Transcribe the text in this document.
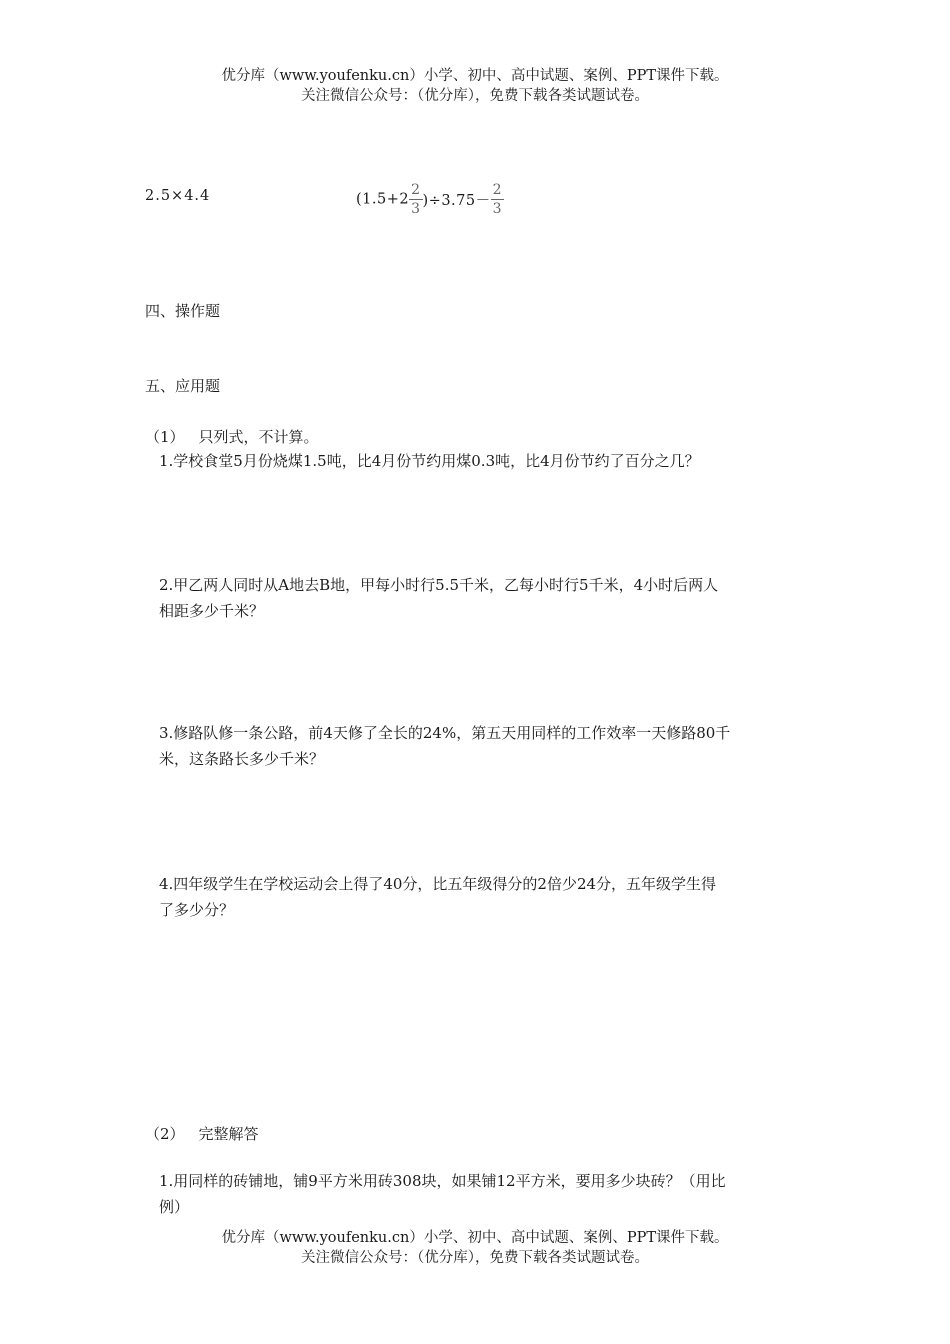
优分库（www.youfenku.cn）小学、初中、高中试题、案例、PPT课件下载。
关注微信公众号：（优分库），免费下载各类试题试卷。
2.5×4.4	$(1.5+2 \frac{2}{3} )\div 3.75- \frac{2}{3}$
四、操作题
五、应用题
（1） 只列式，不计算。
1.学校食堂5月份烧煤1.5吨，比4月份节约用煤0.3吨，比4月份节约了百分之几？
2.甲乙两人同时从A地去B地，甲每小时行5.5千米，乙每小时行5千米，4小时后两人
相距多少千米？
3.修路队修一条公路，前4天修了全长的24%，第五天用同样的工作效率一天修路80千
米，这条路长多少千米？
4.四年级学生在学校运动会上得了40分，比五年级得分的2倍少24分，五年级学生得
了多少分？
（2） 完整解答
1.用同样的砖铺地，铺9平方米用砖308块，如果铺12平方米，要用多少块砖？（用比
例）
优分库（www.youfenku.cn）小学、初中、高中试题、案例、PPT课件下载。
关注微信公众号：（优分库），免费下载各类试题试卷。
